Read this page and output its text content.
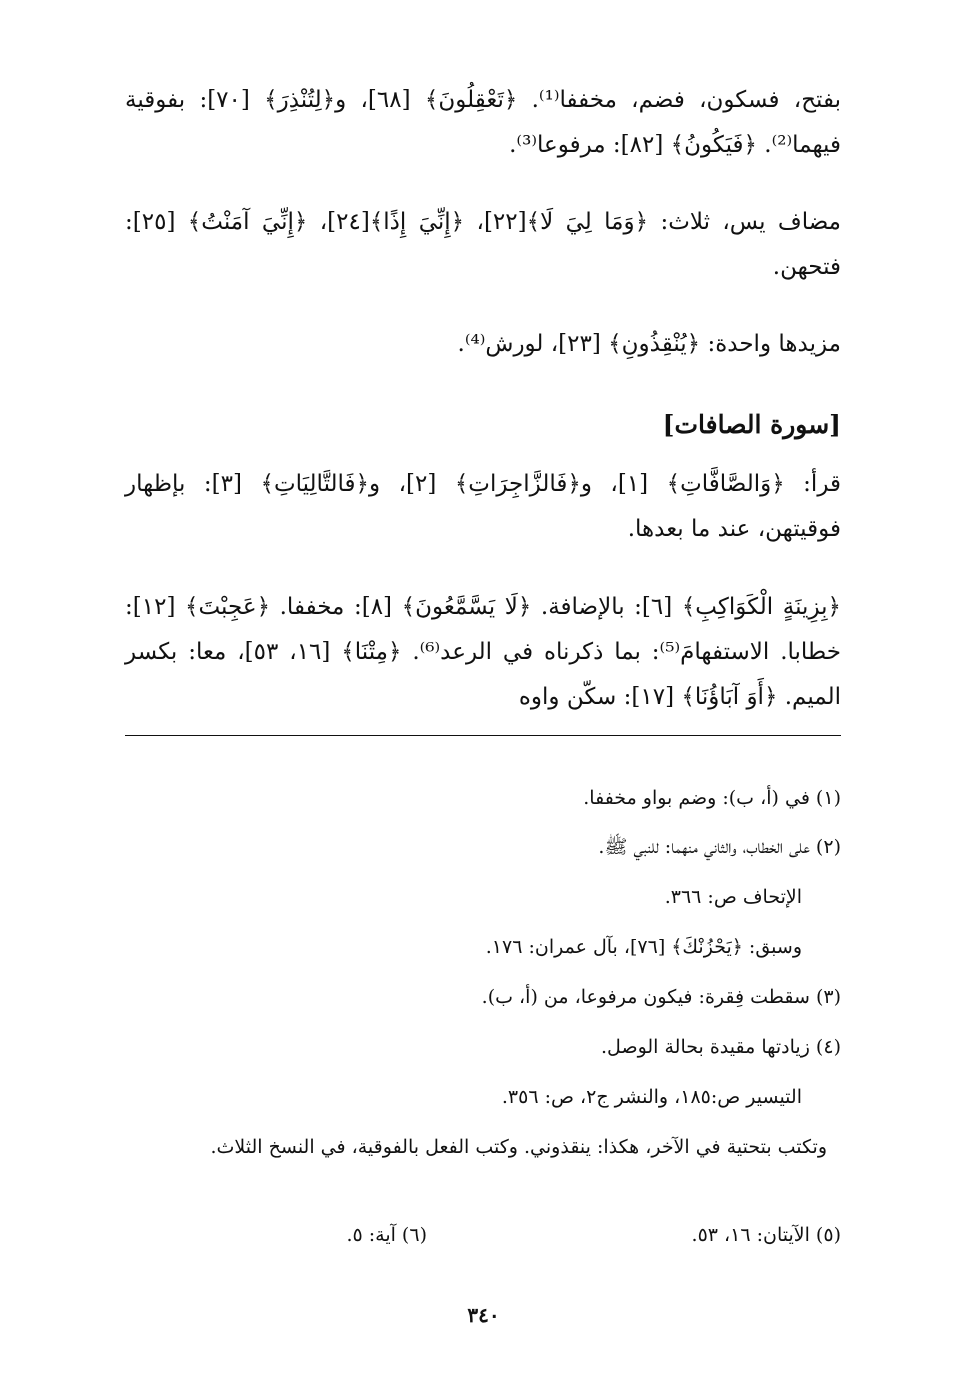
بفتح، فسكون، فضم، مخففا⁽¹⁾. ﴿تَعْقِلُونَ﴾ [٦٨]، و﴿لِتُنْذِرَ﴾ [٧٠]: بفوقية فيهما⁽²⁾. ﴿فَيَكُونُ﴾ [٨٢]: مرفوعا⁽³⁾.

مضاف يس، ثلاث: ﴿وَمَا لِيَ لَا﴾[٢٢]، ﴿إِنِّيَ إِذًا﴾[٢٤]، ﴿إِنِّيَ آمَنْتُ﴾ [٢٥]: فتحهن.

مزيدها واحدة: ﴿يُنْقِذُونِ﴾ [٢٣]، لورش⁽⁴⁾.

[سورة الصافات]

قرأ: ﴿وَالصَّافَّاتِ﴾ [١]، و﴿فَالزَّاجِرَاتِ﴾ [٢]، و﴿فَالتَّالِيَاتِ﴾ [٣]: بإظهار فوقيتهن، عند ما بعدها.

﴿بِزِينَةٍ الْكَوَاكِبِ﴾ [٦]: بالإضافة. ﴿لَا يَسَّمَّعُونَ﴾ [٨]: مخففا. ﴿عَجِبْتَ﴾ [١٢]: خطابا. الاستفهامَ⁽⁵⁾: بما ذكرناه في الرعد⁽⁶⁾. ﴿مِتْنَا﴾ [١٦، ٥٣]، معا: بكسر الميم. ﴿أَوَ آبَاؤُنَا﴾ [١٧]: سكّن واوه

(١) في (أ، ب): وضم بواو مخففا.

(٢) على الخطاب، والثاني منهما: للنبي ﷺ.

الإتحاف ص: ٣٦٦.

وسبق: ﴿يَحْزُنْكَ﴾ [٧٦]، بآل عمران: ١٧٦.

(٣) سقطت فِقرة: فيكون مرفوعا، من (أ، ب).

(٤) زيادتها مقيدة بحالة الوصل.

التيسير ص:١٨٥، والنشر ج٢، ص: ٣٥٦.

وتكتب بتحتية في الآخر، هكذا: ينقذوني. وكتب الفعل بالفوقية، في النسخ الثلاث.

(٥) الآيتان: ١٦، ٥٣.
(٦) آية: ٥.
٣٤٠
